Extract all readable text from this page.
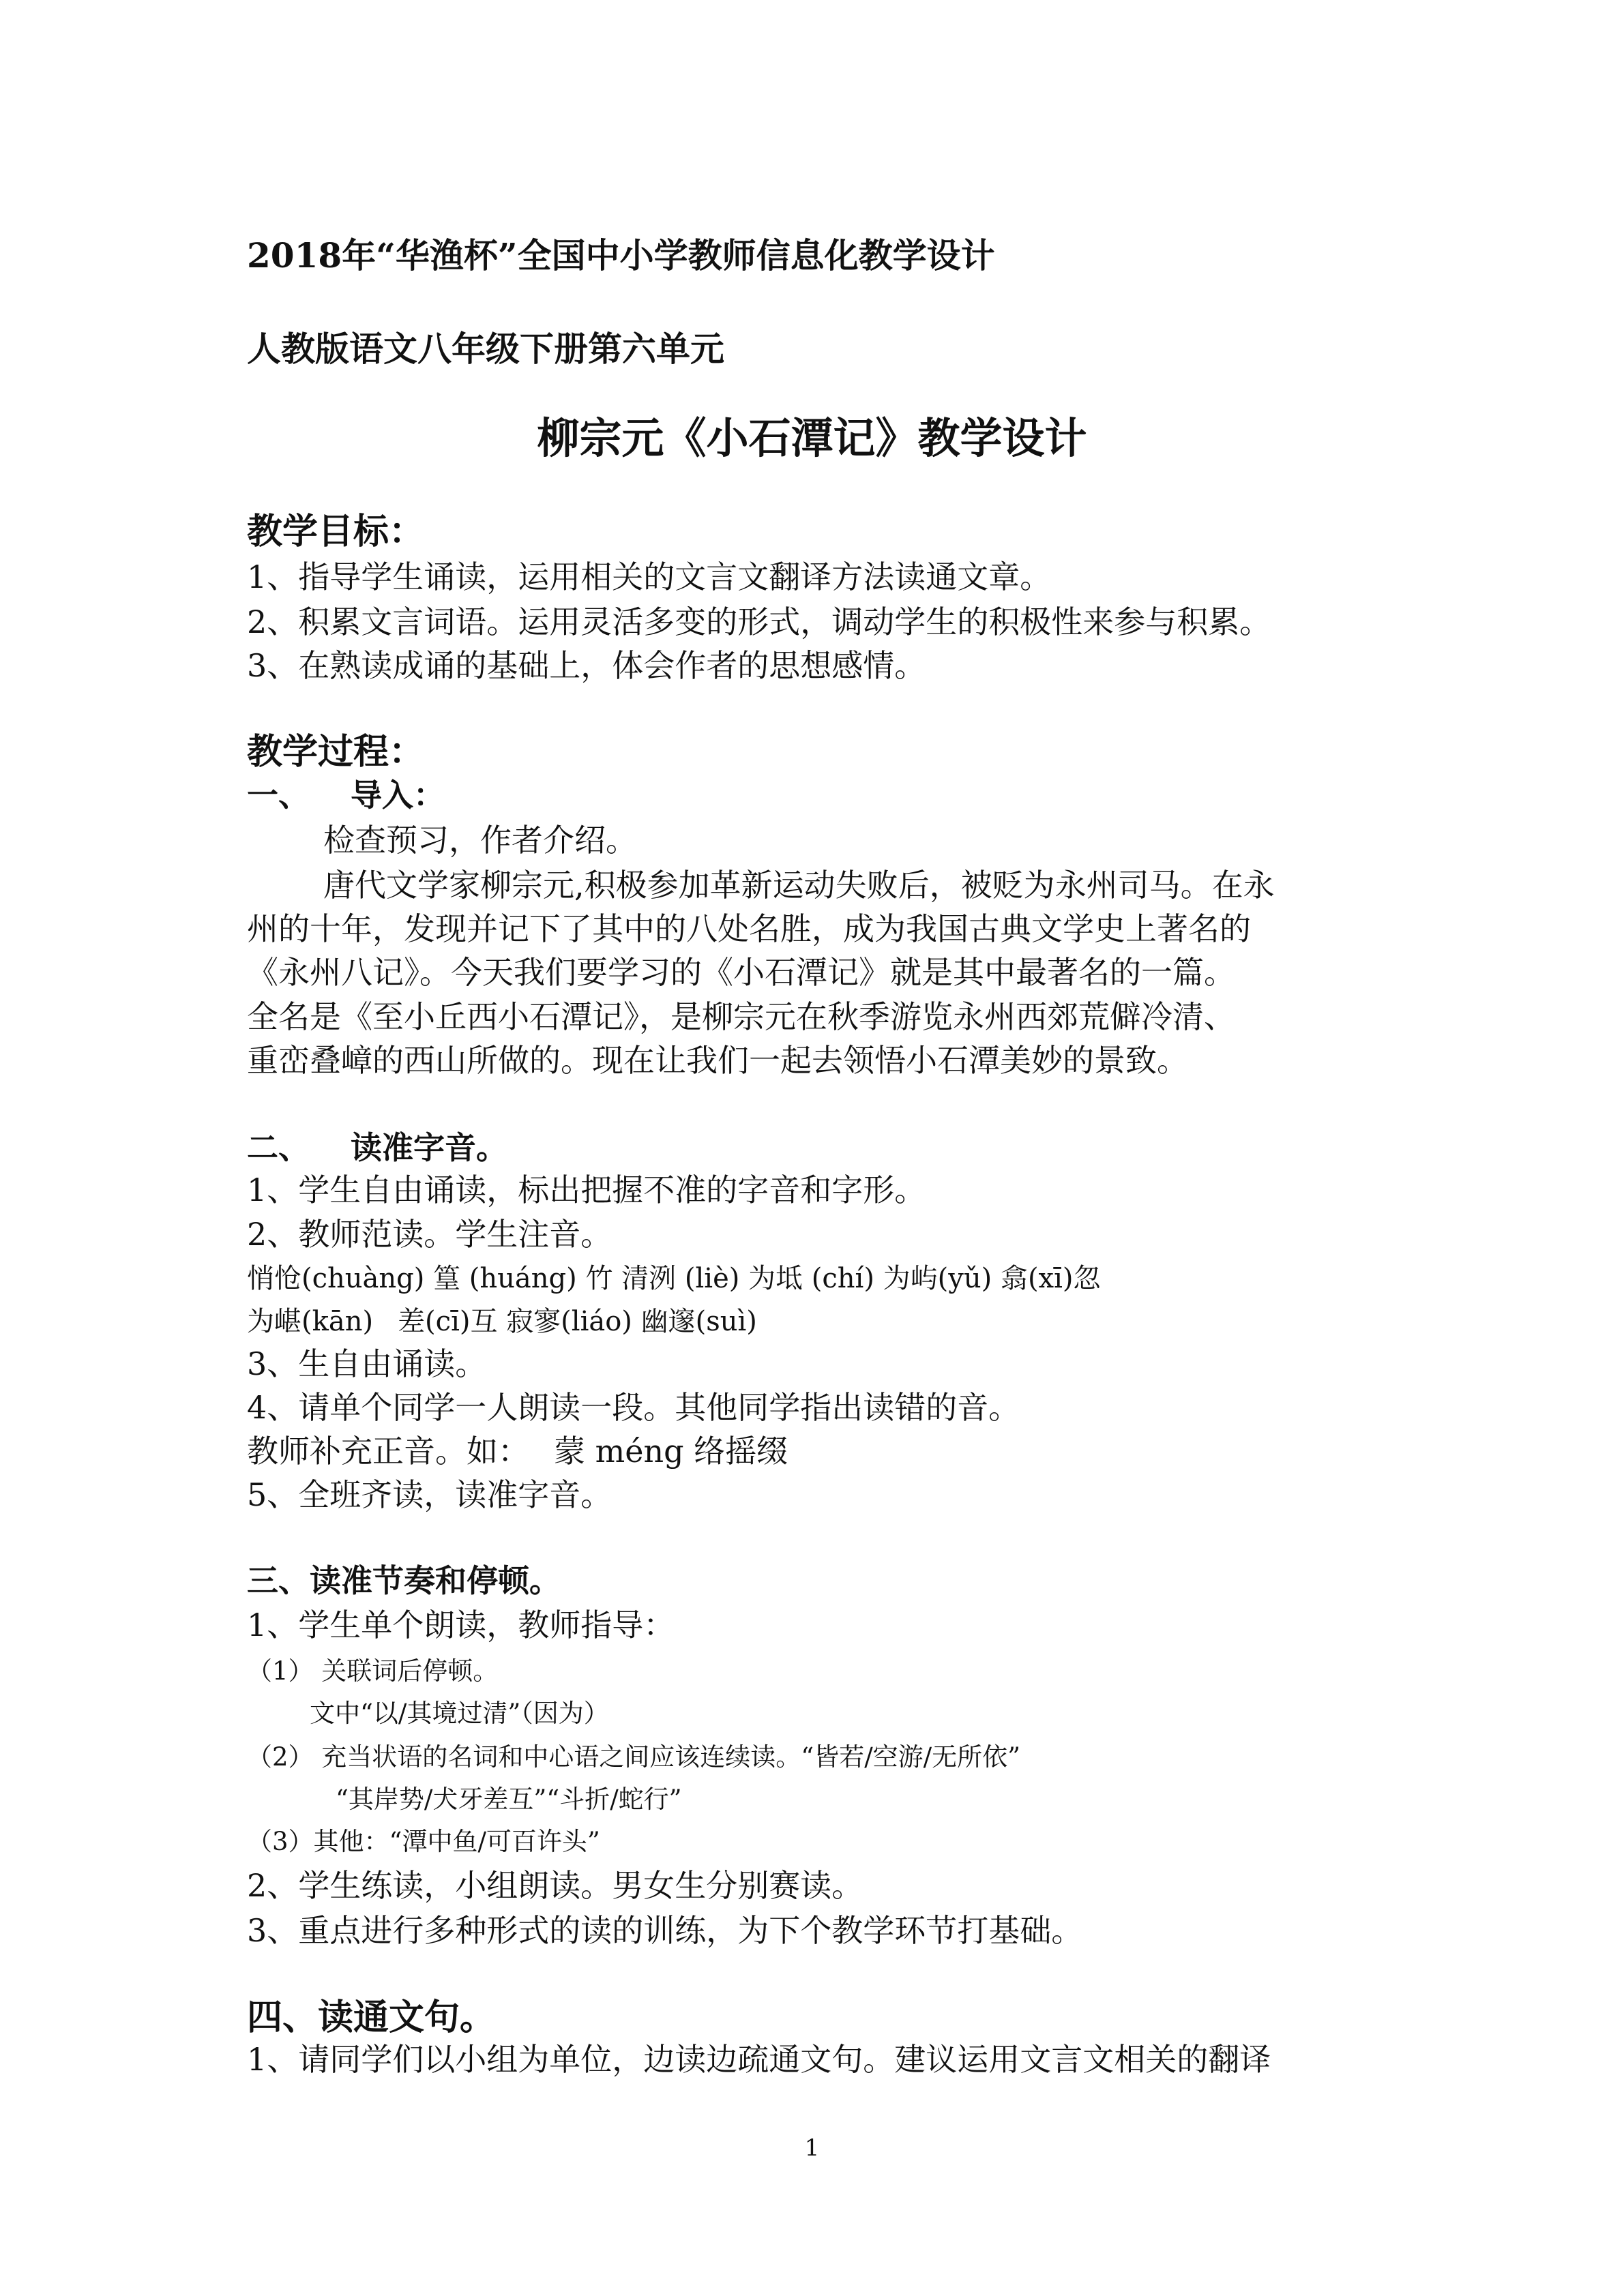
2018年“华渔杯”全国中小学教师信息化教学设计
人教版语文八年级下册第六单元
柳宗元《小石潭记》教学设计
教学目标：
1、指导学生诵读，运用相关的文言文翻译方法读通文章。
2、积累文言词语。运用灵活多变的形式，调动学生的积极性来参与积累。
3、在熟读成诵的基础上，体会作者的思想感情。
教学过程：
一、 导入：
检查预习，作者介绍。
唐代文学家柳宗元,积极参加革新运动失败后，被贬为永州司马。在永
州的十年，发现并记下了其中的八处名胜，成为我国古典文学史上著名的
《永州八记》。今天我们要学习的《小石潭记》就是其中最著名的一篇。
全名是《至小丘西小石潭记》，是柳宗元在秋季游览永州西郊荒僻冷清、
重峦叠嶂的西山所做的。现在让我们一起去领悟小石潭美妙的景致。
二、 读准字音。
1、学生自由诵读，标出把握不准的字音和字形。
2、教师范读。学生注音。
悄怆(chuàng) 篁 (huáng) 竹 清洌 (liè) 为坻 (chí) 为屿(yǔ) 翕(xī)忽
为嵁(kān) 差(cī)互 寂寥(liáo) 幽邃(suì)
3、生自由诵读。
4、请单个同学一人朗读一段。其他同学指出读错的音。
教师补充正音。如： 蒙 méng 络摇缀
5、全班齐读，读准字音。
三、读准节奏和停顿。
1、学生单个朗读，教师指导：
（1） 关联词后停顿。
文中“以/其境过清”（因为）
（2） 充当状语的名词和中心语之间应该连续读。“皆若/空游/无所依”
“其岸势/犬牙差互”“斗折/蛇行”
（3）其他：“潭中鱼/可百许头”
2、学生练读，小组朗读。男女生分别赛读。
3、重点进行多种形式的读的训练，为下个教学环节打基础。
四、读通文句。
1、请同学们以小组为单位，边读边疏通文句。建议运用文言文相关的翻译
1
